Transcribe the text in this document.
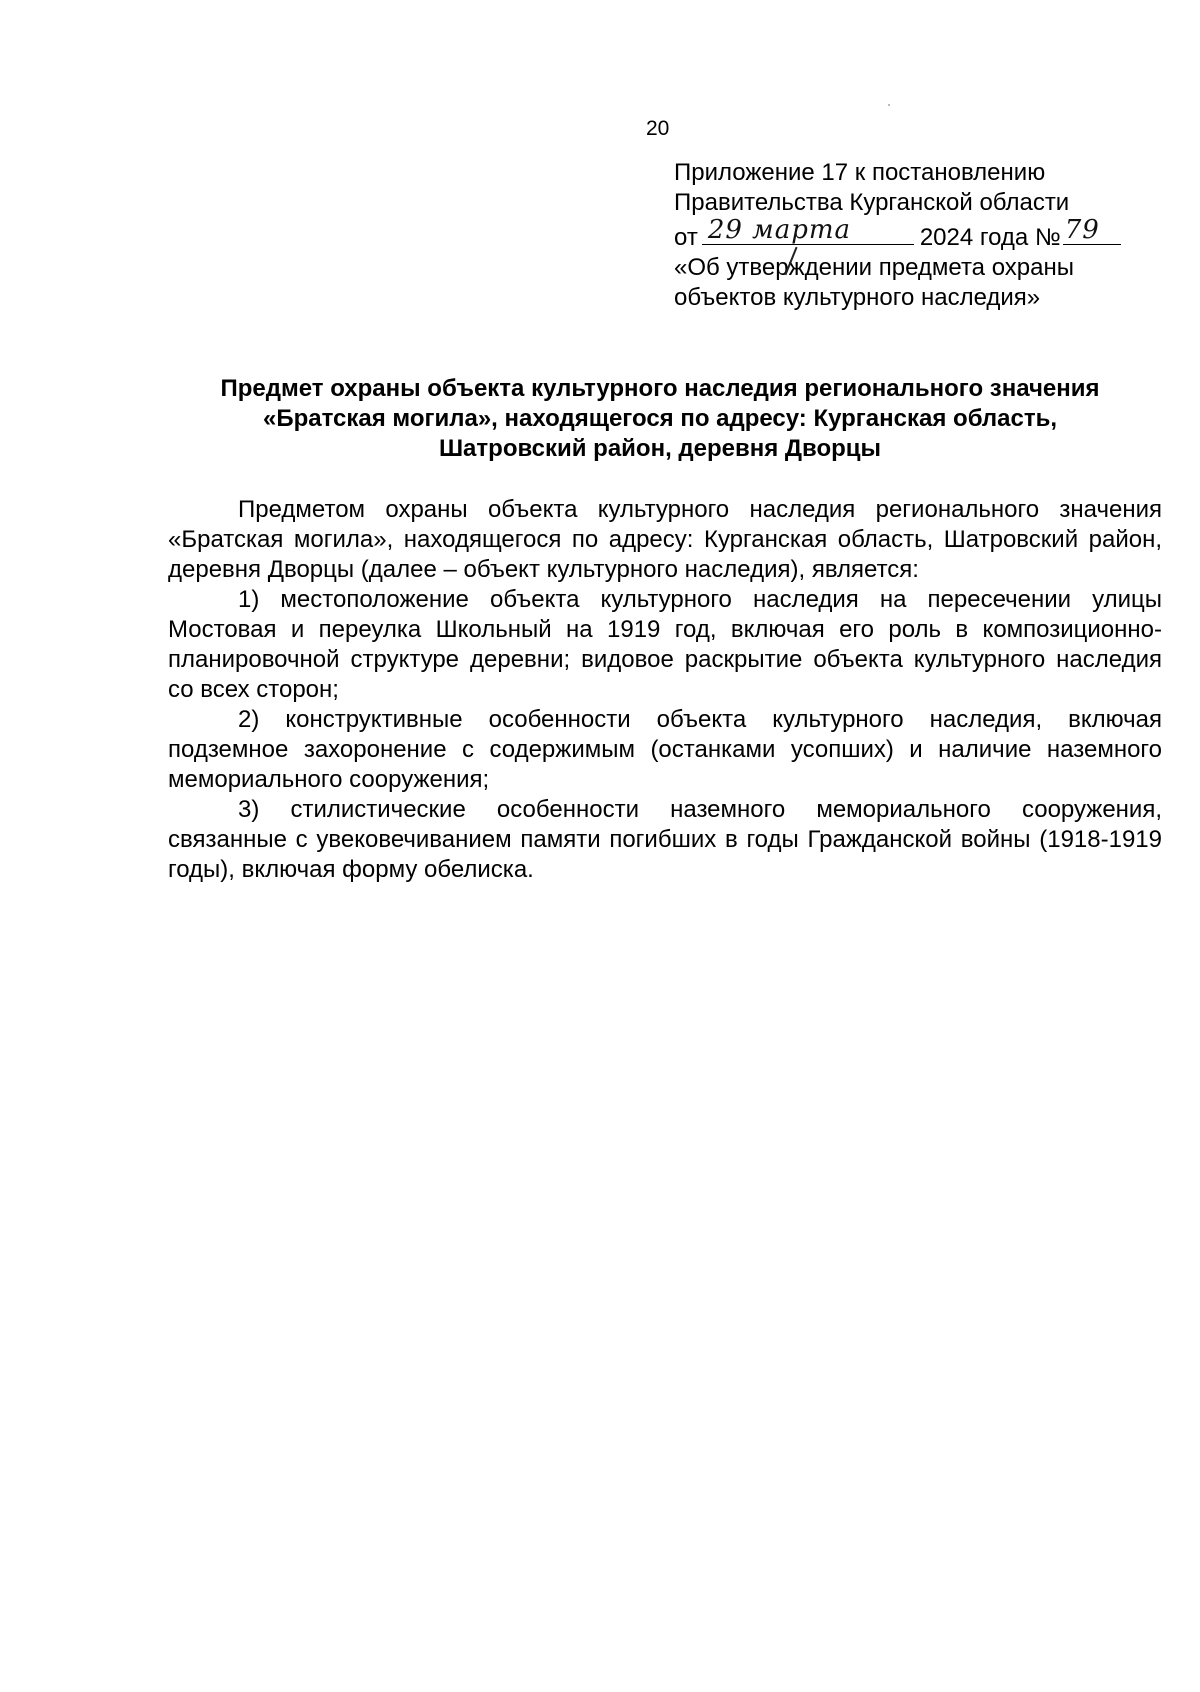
20
Приложение 17 к постановлению
Правительства Курганской области
от 29 марта	2024 года № 79
«Об утверждении предмета охраны
объектов культурного наследия»
Предмет охраны объекта культурного наследия регионального значения
«Братская могила», находящегося по адресу: Курганская область,
Шатровский район, деревня Дворцы

Предметом охраны объекта культурного наследия регионального значения «Братская могила», находящегося по адресу: Курганская область, Шатровский район, деревня Дворцы (далее – объект культурного наследия), является:

1) местоположение объекта культурного наследия на пересечении улицы Мостовая и переулка Школьный на 1919 год, включая его роль в композиционно-планировочной структуре деревни; видовое раскрытие объекта культурного наследия со всех сторон;

2) конструктивные особенности объекта культурного наследия, включая подземное захоронение с содержимым (останками усопших) и наличие наземного мемориального сооружения;

3) стилистические особенности наземного мемориального сооружения, связанные с увековечиванием памяти погибших в годы Гражданской войны (1918-1919 годы), включая форму обелиска.
